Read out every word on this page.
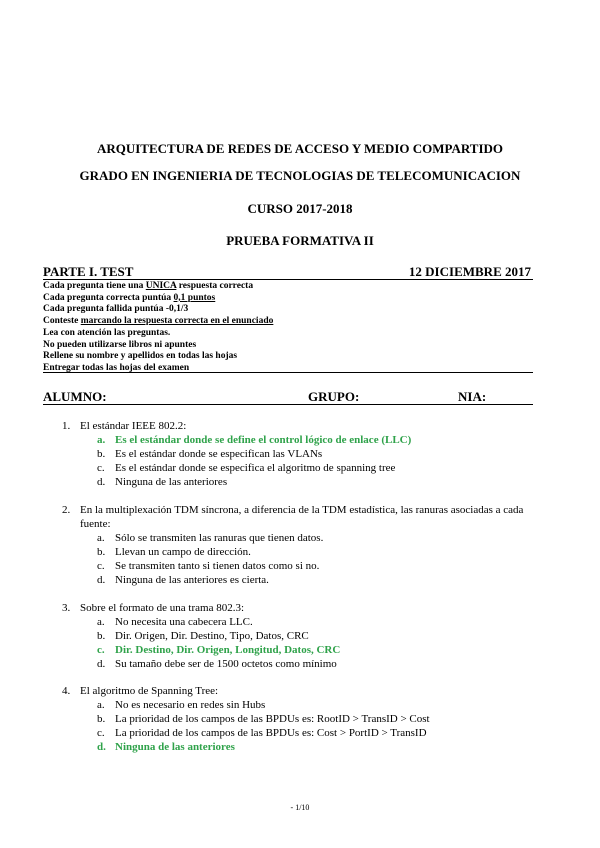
ARQUITECTURA DE REDES DE ACCESO Y MEDIO COMPARTIDO
GRADO EN INGENIERIA DE TECNOLOGIAS DE TELECOMUNICACION
CURSO 2017-2018
PRUEBA FORMATIVA II
PARTE I. TEST	12 DICIEMBRE 2017
Cada pregunta tiene una UNICA respuesta correcta
Cada pregunta correcta puntúa 0,1 puntos
Cada pregunta fallida puntúa -0,1/3
Conteste marcando la respuesta correcta en el enunciado
Lea con atención las preguntas.
No pueden utilizarse libros ni apuntes
Rellene su nombre y apellidos en todas las hojas
Entregar todas las hojas del examen
ALUMNO:	GRUPO:	NIA:
1. El estándar IEEE 802.2:
a. Es el estándar donde se define el control lógico de enlace (LLC)
b. Es el estándar donde se especifican las VLANs
c. Es el estándar donde se especifica el algoritmo de spanning tree
d. Ninguna de las anteriores
2. En la multiplexación TDM síncrona, a diferencia de la TDM estadística, las ranuras asociadas a cada fuente:
a. Sólo se transmiten las ranuras que tienen datos.
b. Llevan un campo de dirección.
c. Se transmiten tanto si tienen datos como si no.
d. Ninguna de las anteriores es cierta.
3. Sobre el formato de una trama 802.3:
a. No necesita una cabecera LLC.
b. Dir. Origen, Dir. Destino, Tipo, Datos, CRC
c. Dir. Destino, Dir. Origen, Longitud, Datos, CRC
d. Su tamaño debe ser de 1500 octetos como mínimo
4. El algoritmo de Spanning Tree:
a. No es necesario en redes sin Hubs
b. La prioridad de los campos de las BPDUs es: RootID > TransID > Cost
c. La prioridad de los campos de las BPDUs es: Cost > PortID > TransID
d. Ninguna de las anteriores
- 1/10
